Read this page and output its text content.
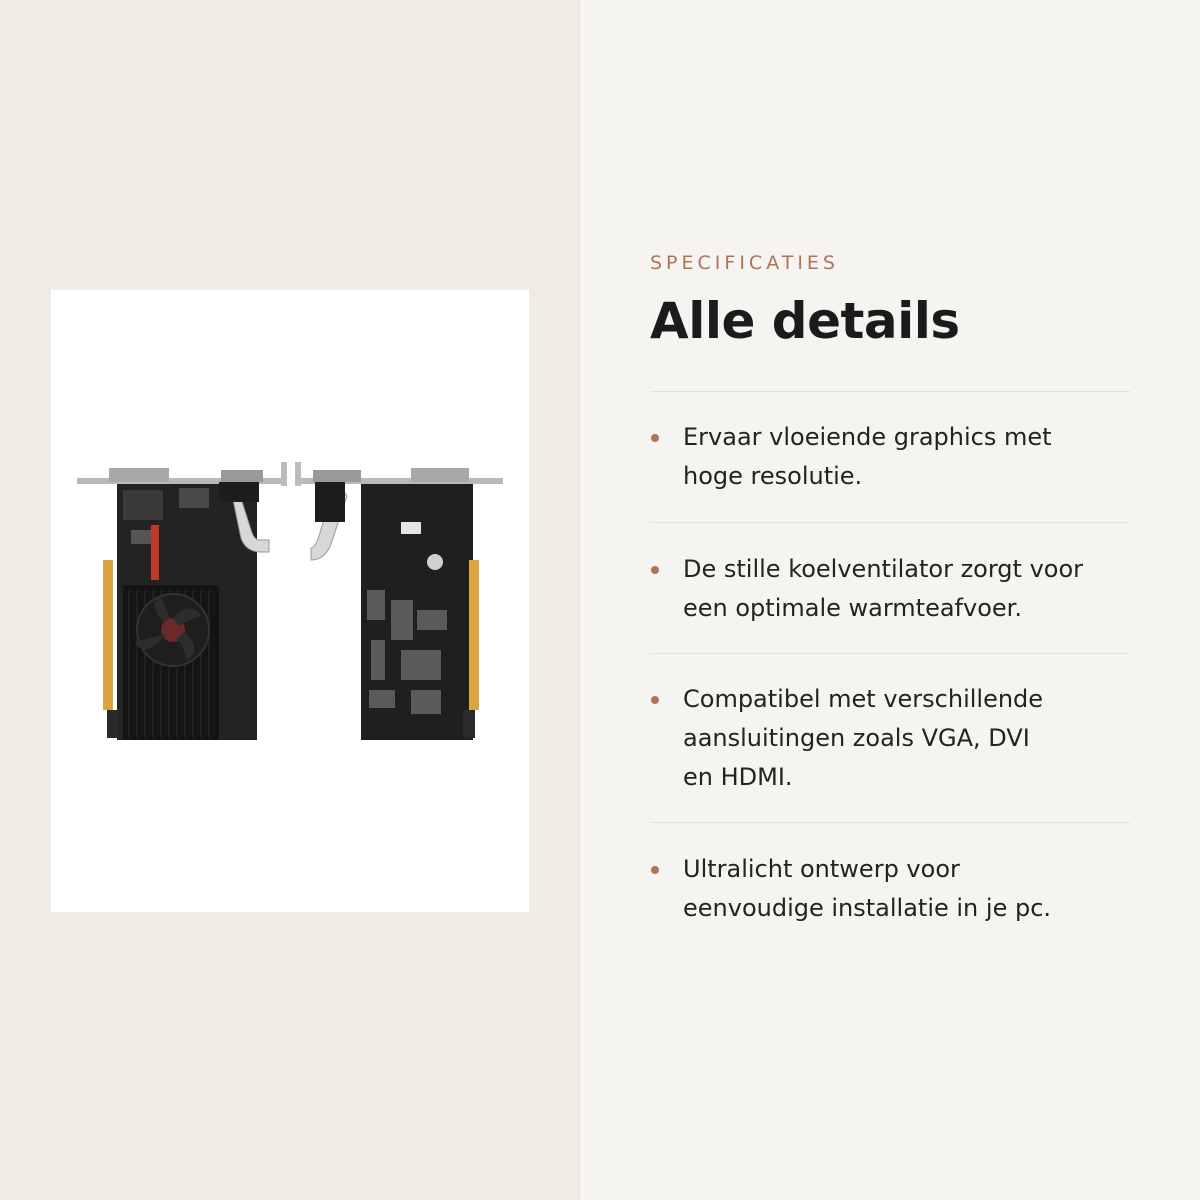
SPECIFICATIES
Alle details
Ervaar vloeiende graphics met
hoge resolutie.
De stille koelventilator zorgt voor
een optimale warmteafvoer.
Compatibel met verschillende
aansluitingen zoals VGA, DVI
en HDMI.
Ultralicht ontwerp voor
eenvoudige installatie in je pc.
